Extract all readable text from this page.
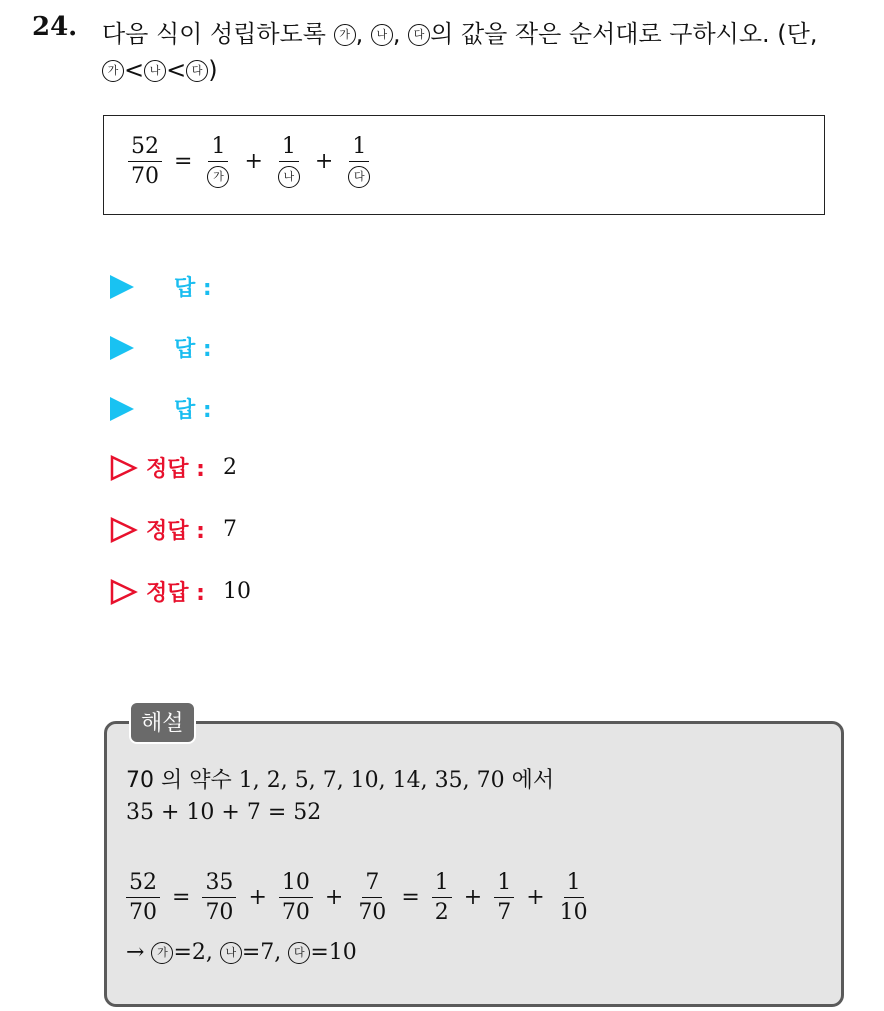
24. 다음 식이 성립하도록 가 , 나 , 다 의 값을 작은 순서대로 구하시오. (단,
가 < 나 < 다 )
$\frac{52}{70} = \frac{1}{\text{가}} + \frac{1}{\text{나}} + \frac{1}{\text{다}}$
답 :
답 :
답 :
정답 : 2
정답 : 7
정답 : 10
해설
70 의 약수 1, 2, 5, 7, 10, 14, 35, 70 에서
35 + 10 + 7 = 52
$\frac{52}{70} = \frac{35}{70} + \frac{10}{70} + \frac{7}{70} = \frac{1}{2} + \frac{1}{7} + \frac{1}{10}$
→ 가 =2, 나 =7, 다 =10
